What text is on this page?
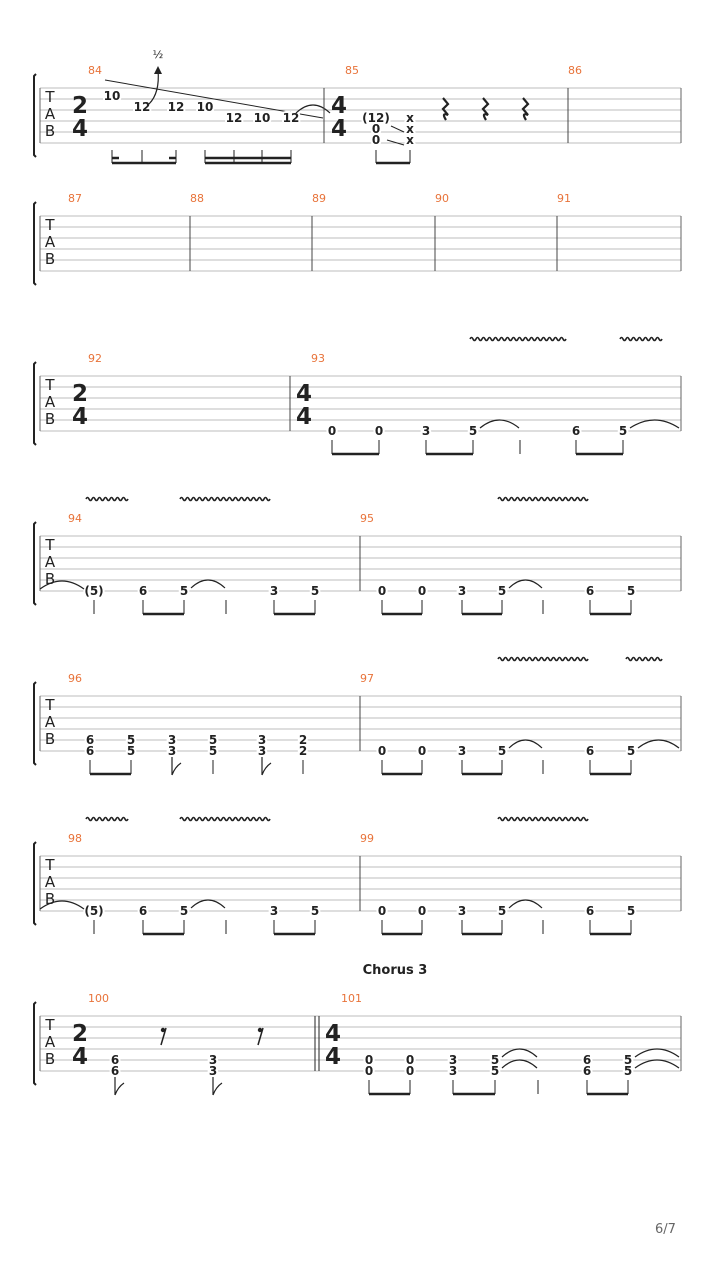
T
A
B
2
4
84
10
12 12 10
12 10 12
½
85
4
4 (12)
0
0
x
x
x
86
T
A
B
87	88	89	90	91
T
A
B
2
4
92	93
4
4
0	0	3	5	6	5
T
A
B
94
(5)	6	5	3	5
95
0	0	3	5	6	5
T
A
B
96
6
6
5
5
3
3
5
5
3
3
2
2
97
0	0	3	5	6	5
T
A
B
98
(5)	6	5	3	5
99
0	0	3	5	6	5
Chorus 3
T
A
B
2
4
100
6
6
3
3
101
4
4 0
0
0
0
3
3
5
5
6
6
5
5
6/7
